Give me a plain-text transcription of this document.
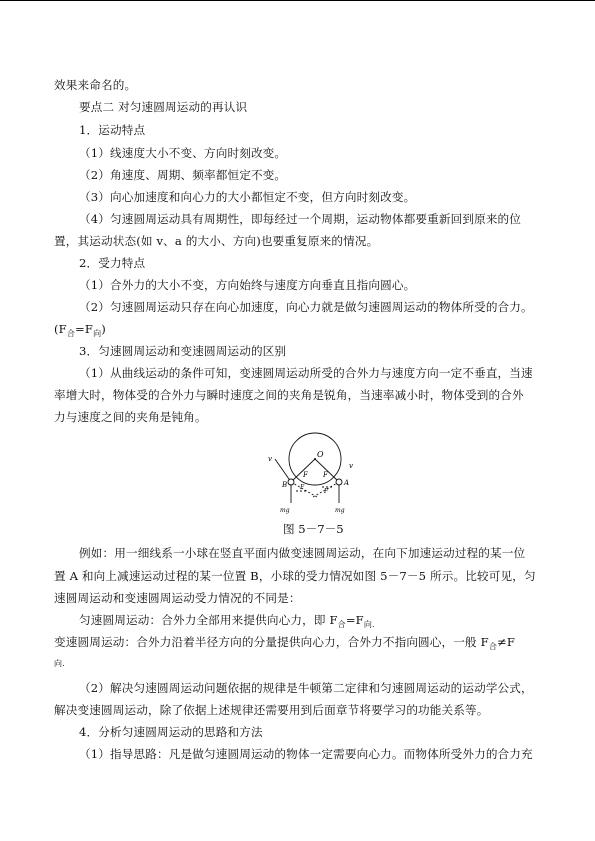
效果来命名的。
要点二 对匀速圆周运动的再认识
1．运动特点
（1）线速度大小不变、方向时刻改变。
（2）角速度、周期、频率都恒定不变。
（3）向心加速度和向心力的大小都恒定不变，但方向时刻改变。
（4）匀速圆周运动具有周期性，即每经过一个周期，运动物体都要重新回到原来的位
置，其运动状态(如 v、a 的大小、方向)也要重复原来的情况。
2．受力特点
（1）合外力的大小不变，方向始终与速度方向垂直且指向圆心。
（2）匀速圆周运动只存在向心加速度，向心力就是做匀速圆周运动的物体所受的合力。
$(F_合=F_向)$
3．匀速圆周运动和变速圆周运动的区别
（1）从曲线运动的条件可知，变速圆周运动所受的合外力与速度方向一定不垂直，当速
率增大时，物体受的合外力与瞬时速度之间的夹角是锐角，当速率减小时，物体受到的合外
力与速度之间的夹角是钝角。
O
v
v
B	A
F F
F
F
mg	mg
图 5－7－5
例如：用一细线系一小球在竖直平面内做变速圆周运动，在向下加速运动过程的某一位
置 A 和向上减速运动过程的某一位置 B，小球的受力情况如图 5－7－5 所示。比较可见，匀
速圆周运动和变速圆周运动受力情况的不同是：
匀速圆周运动：合外力全部用来提供向心力，即 $F_合=F_{向.}$
变速圆周运动：合外力沿着半径方向的分量提供向心力，合外力不指向圆心，一般 $F_合\ne F$
向.
（2）解决匀速圆周运动问题依据的规律是牛顿第二定律和匀速圆周运动的运动学公式，
解决变速圆周运动，除了依据上述规律还需要用到后面章节将要学习的功能关系等。
4．分析匀速圆周运动的思路和方法
（1）指导思路：凡是做匀速圆周运动的物体一定需要向心力。而物体所受外力的合力充
